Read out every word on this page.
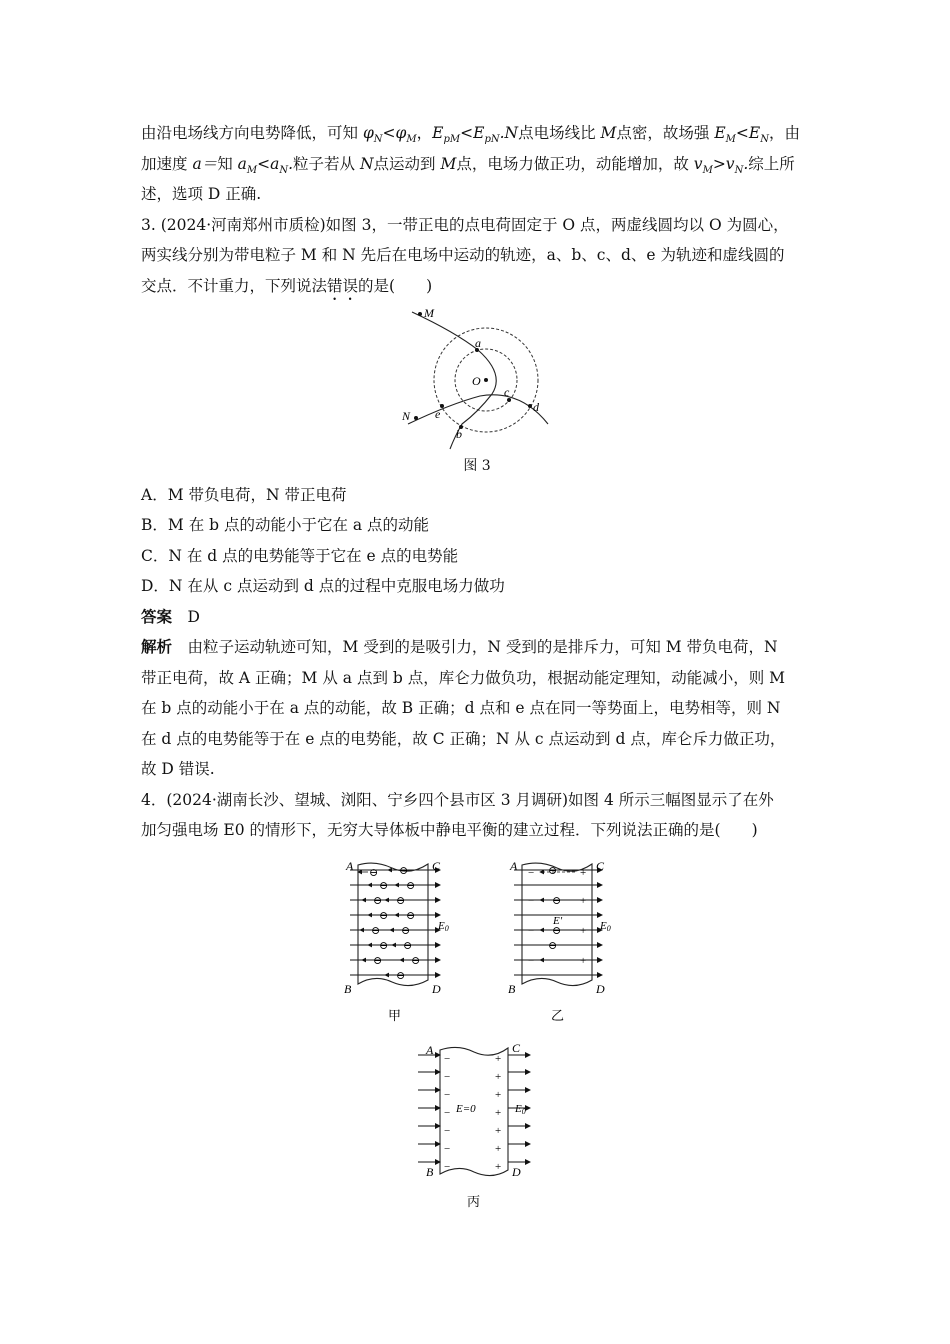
由沿电场线方向电势降低，可知 $\varphi_N<\varphi_M$，$E_{pM}<E_{pN}.N$点电场线比 M点密，故场强 $E_M<E_N$，由

加速度 a＝知 $a_M<a_N$.粒子若从 N点运动到 M点，电场力做正功，动能增加，故 $v_M>v_N$.综上所

述，选项 D 正确.

3. (2024·河南郑州市质检)如图 3，一带正电的点电荷固定于 O 点，两虚线圆均以 O 为圆心，

两实线分别为带电粒子 M 和 N 先后在电场中运动的轨迹，a、b、c、d、e 为轨迹和虚线圆的

交点．不计重力，下列说法错误的是(　　)

M
N
O
a
b
c
d
e
图 3

A．M 带负电荷，N 带正电荷

B．M 在 b 点的动能小于它在 a 点的动能

C．N 在 d 点的电势能等于它在 e 点的电势能

D．N 在从 c 点运动到 d 点的过程中克服电场力做功

答案　 D

解析　 由粒子运动轨迹可知，M 受到的是吸引力，N 受到的是排斥力，可知 M 带负电荷，N

带正电荷，故 A 正确；M 从 a 点到 b 点，库仑力做负功，根据动能定理知，动能减小，则 M

在 b 点的动能小于在 a 点的动能，故 B 正确；d 点和 e 点在同一等势面上，电势相等，则 N

在 d 点的电势能等于在 e 点的电势能，故 C 正确；N 从 c 点运动到 d 点，库仑斥力做正功，

故 D 错误.

4．(2024·湖南长沙、望城、浏阳、宁乡四个县市区 3 月调研)如图 4 所示三幅图显示了在外

加匀强电场 E0 的情形下，无穷大导体板中静电平衡的建立过程．下列说法正确的是(　　)

A	C
B	D
E0
⊖ ⊖
⊖ ⊖
⊖ ⊖
⊖ ⊖
⊖ ⊖
⊖ ⊖
⊖	⊖
⊖
甲
A	C
B	D
E0
E′
−	+
−	+
−	+
−	+
⊖
⊖
⊖
⊖
乙
A	C
B	D
E0
E=0
−	+
−	+
−	+
−	+
−	+
−	+
−	+
丙
